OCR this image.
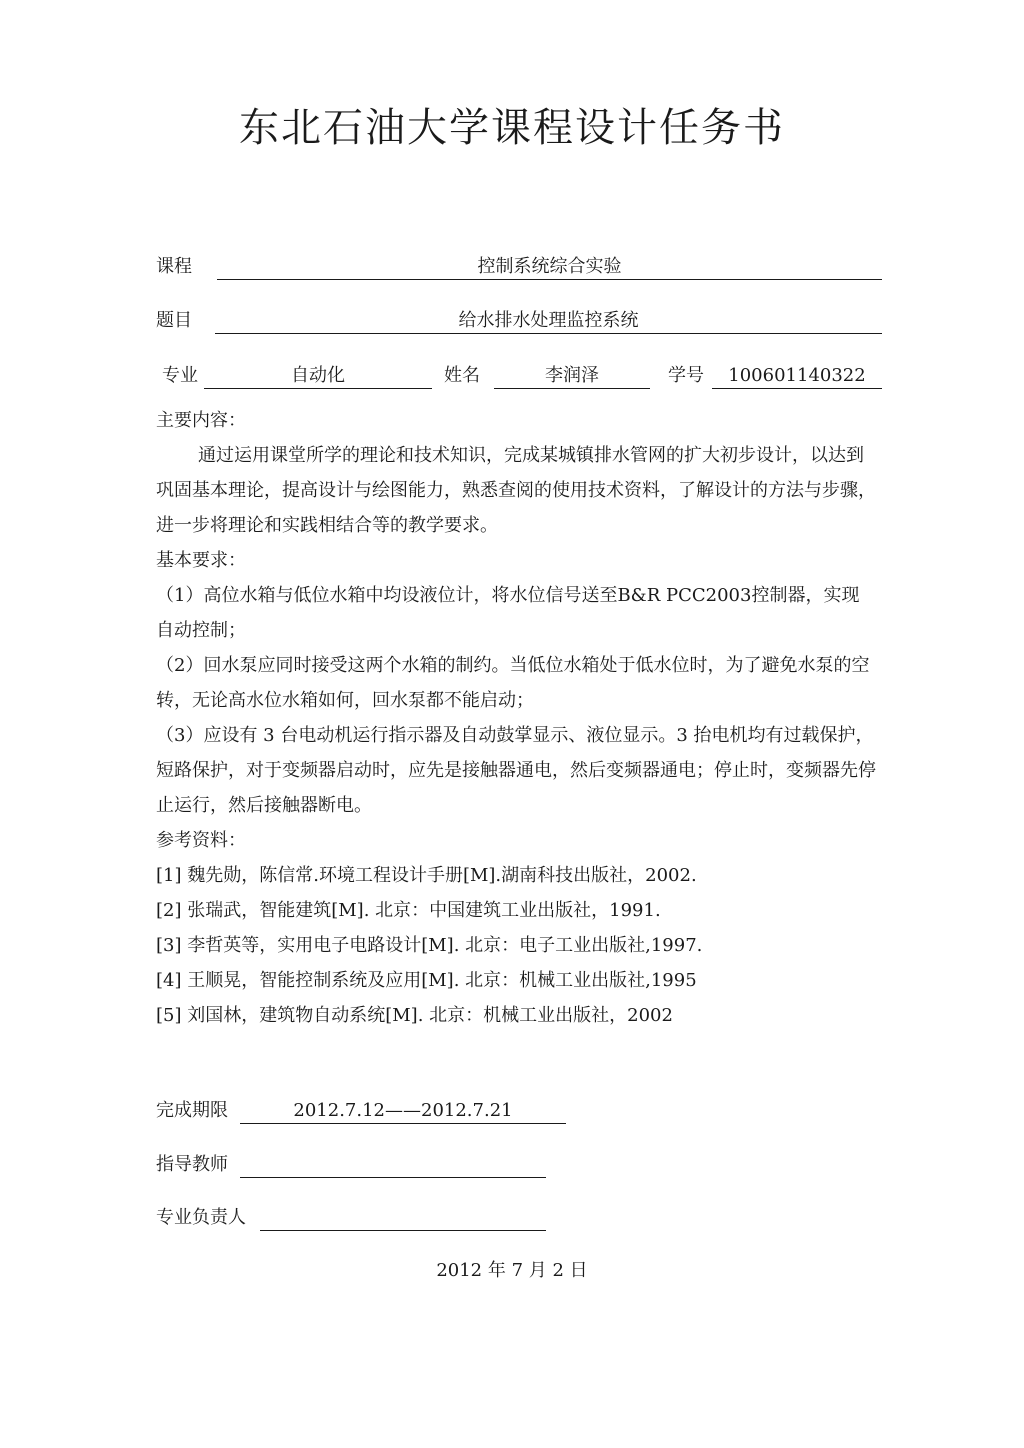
东北石油大学课程设计任务书
课程	控制系统综合实验
题目	给水排水处理监控系统
专业	自动化	姓名	李润泽	学号	100601140322

主要内容：

通过运用课堂所学的理论和技术知识，完成某城镇排水管网的扩大初步设计，以达到巩固基本理论，提高设计与绘图能力，熟悉查阅的使用技术资料，了解设计的方法与步骤，进一步将理论和实践相结合等的教学要求。

基本要求：

（1）高位水箱与低位水箱中均设液位计，将水位信号送至B&R PCC2003控制器，实现自动控制；

（2）回水泵应同时接受这两个水箱的制约。当低位水箱处于低水位时，为了避免水泵的空转，无论高水位水箱如何，回水泵都不能启动；

（3）应设有 3 台电动机运行指示器及自动鼓掌显示、液位显示。3 抬电机均有过载保护，短路保护，对于变频器启动时，应先是接触器通电，然后变频器通电；停止时，变频器先停止运行，然后接触器断电。

参考资料：

[1] 魏先勋，陈信常.环境工程设计手册[M].湖南科技出版社，2002.

[2] 张瑞武，智能建筑[M]. 北京：中国建筑工业出版社，1991.

[3] 李哲英等，实用电子电路设计[M]. 北京：电子工业出版社,1997.

[4] 王顺晃，智能控制系统及应用[M]. 北京：机械工业出版社,1995

[5] 刘国林，建筑物自动系统[M]. 北京：机械工业出版社，2002

完成期限	2012.7.12——2012.7.21
指导教师
专业负责人
2012 年 7 月 2 日
